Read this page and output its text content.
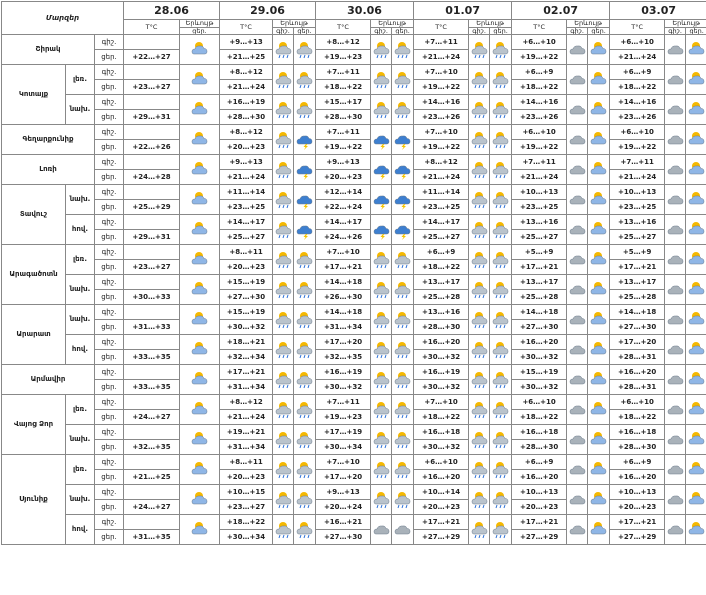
Մարզեր			28.06		29.06			30.06			01.07			02.07			03.07		
			T°C	Երևույթ	T°C	Երևույթ		T°C	Երևույթ		T°C	Երևույթ		T°C	Երևույթ		T°C	Երևույթ	
				ցեր.		գիշ.	ցեր.		գիշ.	ցեր.		գիշ.	ցեր.		գիշ.	ցեր.		գիշ.	ցեր.
Շիրակ		գիշ.			+9…+13			+8…+12			+7…+11			+6…+10			+6…+10	

		ցեր.	+22…+27		+21…+25			+19…+23			+21…+24			+19…+22			+21…+24		
Կոտայք	լեռ.	գիշ.			+8…+12			+7…+11			+7…+10			+6…+9			+6…+9	

		ցեր.	+23…+27		+21…+24			+18…+22			+19…+22			+18…+22			+18…+22		
	նախ.	գիշ.			+16…+19			+15…+17			+14…+16			+14…+16			+14…+16	

		ցեր.	+29…+31		+28…+30			+28…+30			+23…+26			+23…+26			+23…+26		
Գեղարքունիք		գիշ.			+8…+12			+7…+11			+7…+10			+6…+10			+6…+10	

		ցեր.	+22…+26		+20…+23			+19…+22			+19…+22			+19…+22			+19…+22		
Լոռի		գիշ.			+9…+13			+9…+13			+8…+12			+7…+11			+7…+11	

		ցեր.	+24…+28		+21…+24			+20…+23			+21…+24			+21…+24			+21…+24		
Տավուշ	նախ.	գիշ.			+11…+14			+12…+14			+11…+14			+10…+13			+10…+13	

		ցեր.	+25…+29		+23…+25			+22…+24			+23…+25			+23…+25			+23…+25		
	հով.	գիշ.			+14…+17			+14…+17			+14…+17			+13…+16			+13…+16	

		ցեր.	+29…+31		+25…+27			+24…+26			+25…+27			+25…+27			+25…+27		
Արագածոտն	լեռ.	գիշ.			+8…+11			+7…+10			+6…+9			+5…+9			+5…+9	

		ցեր.	+23…+27		+20…+23			+17…+21			+18…+22			+17…+21			+17…+21		
	նախ.	գիշ.			+15…+19			+14…+18			+13…+17			+13…+17			+13…+17	

		ցեր.	+30…+33		+27…+30			+26…+30			+25…+28			+25…+28			+25…+28		
Արարատ	նախ.	գիշ.			+15…+19			+14…+18			+13…+16			+14…+18			+14…+18	

		ցեր.	+31…+33		+30…+32			+31…+34			+28…+30			+27…+30			+27…+30		
	հով.	գիշ.			+18…+21			+17…+20			+16…+20			+16…+20			+17…+20	

		ցեր.	+33…+35		+32…+34			+32…+35			+30…+32			+30…+32			+28…+31		
Արմավիր		գիշ.			+17…+21			+16…+19			+16…+19			+15…+19			+16…+20	

		ցեր.	+33…+35		+31…+34			+30…+32			+30…+32			+30…+32			+28…+31		
Վայոց Ձոր	լեռ.	գիշ.			+8…+12			+7…+11			+7…+10			+6…+10			+6…+10	

		ցեր.	+24…+27		+21…+24			+19…+23			+18…+22			+18…+22			+18…+22		
	նախ.	գիշ.			+19…+21			+17…+19			+16…+18			+16…+18			+16…+18	

		ցեր.	+32…+35		+31…+34			+30…+34			+30…+32			+28…+30			+28…+30		
Սյունիք	լեռ.	գիշ.			+8…+11			+7…+10			+6…+10			+6…+9			+6…+9	

		ցեր.	+21…+25		+20…+23			+17…+20			+16…+20			+16…+20			+16…+20		
	նախ.	գիշ.			+10…+15			+9…+13			+10…+14			+10…+13			+10…+13	

		ցեր.	+24…+27		+23…+27			+20…+24			+20…+23			+20…+23			+20…+23		
	հով.	գիշ.			+18…+22			+16…+21			+17…+21			+17…+21			+17…+21	

		ցեր.	+31…+35		+30…+34			+27…+30			+27…+29			+27…+29			+27…+29		
